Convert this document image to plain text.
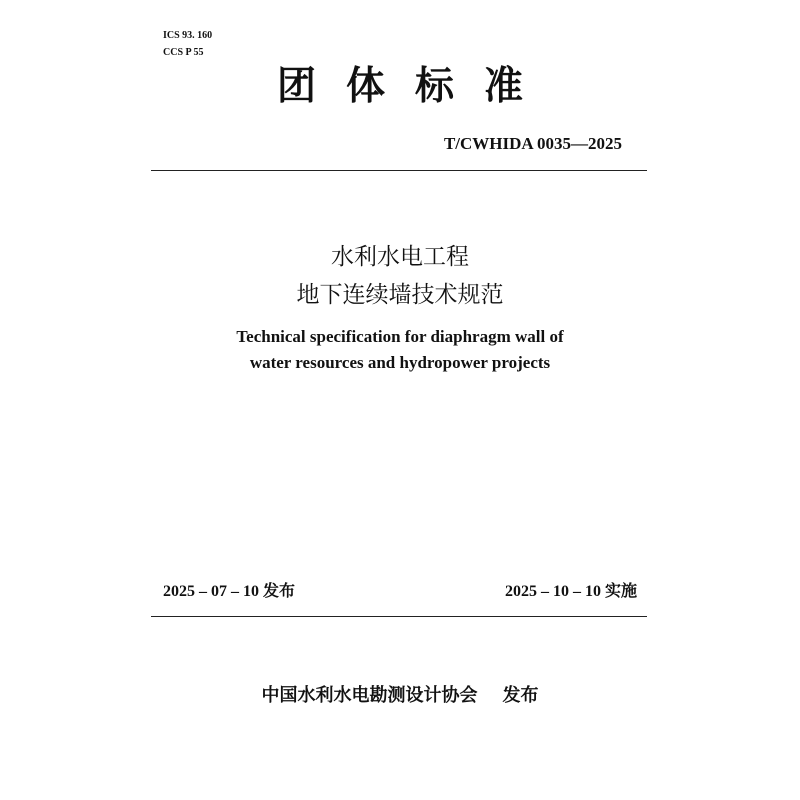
ICS 93. 160
CCS P 55
团体标准
T/CWHIDA 0035—2025
水利水电工程
地下连续墙技术规范
Technical specification for diaphragm wall of
water resources and hydropower projects
2025 – 07 – 10 发布	2025 – 10 – 10 实施
中国水利水电勘测设计协会    发布
